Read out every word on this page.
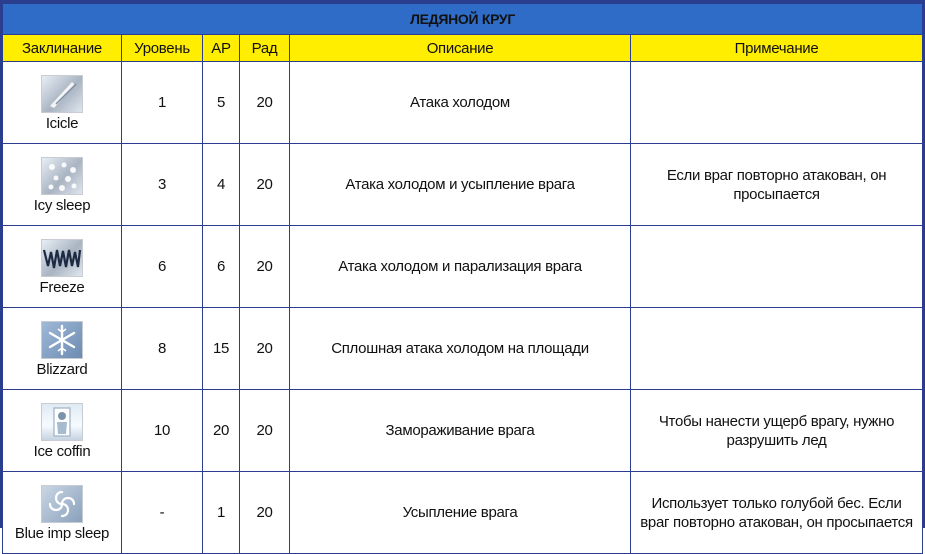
ЛЕДЯНОЙ КРУГ					
Заклинание	Уровень	AP	Рад	Описание	Примечание

Icicle	1	5	20	Атака холодом	

Icy sleep	3	4	20	Атака холодом и усыпление врага	Если враг повторно атакован, он просыпается

Freeze	6	6	20	Атака холодом и парализация врага	

Blizzard	8	15	20	Сплошная атака холодом на площади	

Ice coffin	10	20	20	Замораживание врага	Чтобы нанести ущерб врагу, нужно разрушить лед

Blue imp sleep	-	1	20	Усыпление врага	Использует только голубой бес. Если враг повторно атакован, он просыпается
